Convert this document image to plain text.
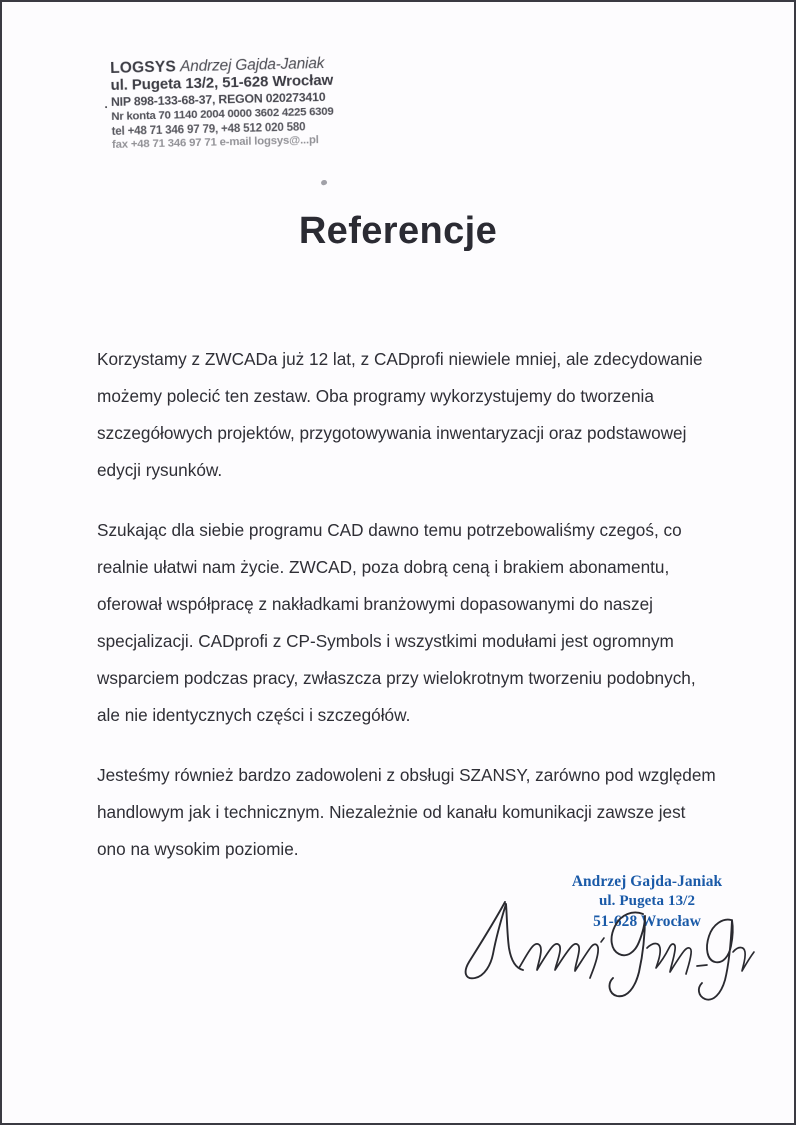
LOGSYS Andrzej Gajda-Janiak
ul. Pugeta 13/2, 51-628 Wrocław
NIP 898-133-68-37, REGON 020273410
Nr konta 70 1140 2004 0000 3602 4225 6309
tel +48 71 346 97 79, +48 512 020 580
fax +48 71 346 97 71 e-mail logsys@...pl
Referencje

Korzystamy z ZWCADa już 12 lat, z CADprofi niewiele mniej, ale zdecydowanie możemy polecić ten zestaw. Oba programy wykorzystujemy do tworzenia szczegółowych projektów, przygotowywania inwentaryzacji oraz podstawowej edycji rysunków.

Szukając dla siebie programu CAD dawno temu potrzebowaliśmy czegoś, co realnie ułatwi nam życie. ZWCAD, poza dobrą ceną i brakiem abonamentu, oferował współpracę z nakładkami branżowymi dopasowanymi do naszej specjalizacji. CADprofi z CP-Symbols i wszystkimi modułami jest ogromnym wsparciem podczas pracy, zwłaszcza przy wielokrotnym tworzeniu podobnych, ale nie identycznych części i szczegółów.

Jesteśmy również bardzo zadowoleni z obsługi SZANSY, zarówno pod względem handlowym jak i technicznym. Niezależnie od kanału komunikacji zawsze jest ono na wysokim poziomie.

Andrzej Gajda-Janiak
ul. Pugeta 13/2
51-628 Wrocław
